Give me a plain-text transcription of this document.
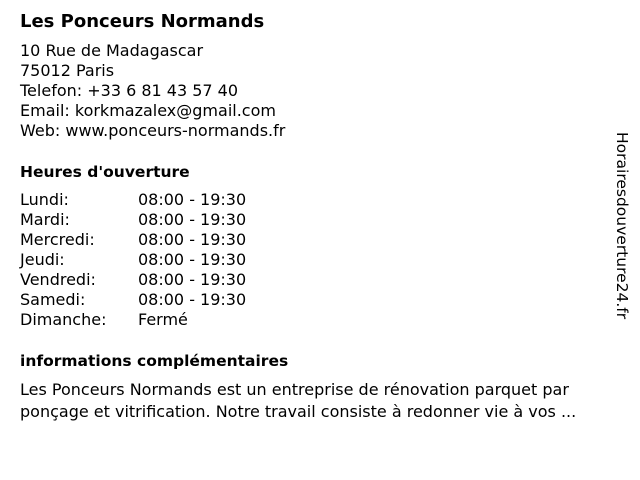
Les Ponceurs Normands
10 Rue de Madagascar
75012 Paris
Telefon: +33 6 81 43 57 40
Email: korkmazalex@gmail.com
Web: www.ponceurs-normands.fr
Heures d'ouverture
Lundi:	08:00 - 19:30
Mardi:	08:00 - 19:30
Mercredi:	08:00 - 19:30
Jeudi:	08:00 - 19:30
Vendredi:	08:00 - 19:30
Samedi:	08:00 - 19:30
Dimanche:	Fermé
informations complémentaires
Les Ponceurs Normands est un entreprise de rénovation parquet par
ponçage et vitrification. Notre travail consiste à redonner vie à vos ...
Horairesdouverture24.fr
